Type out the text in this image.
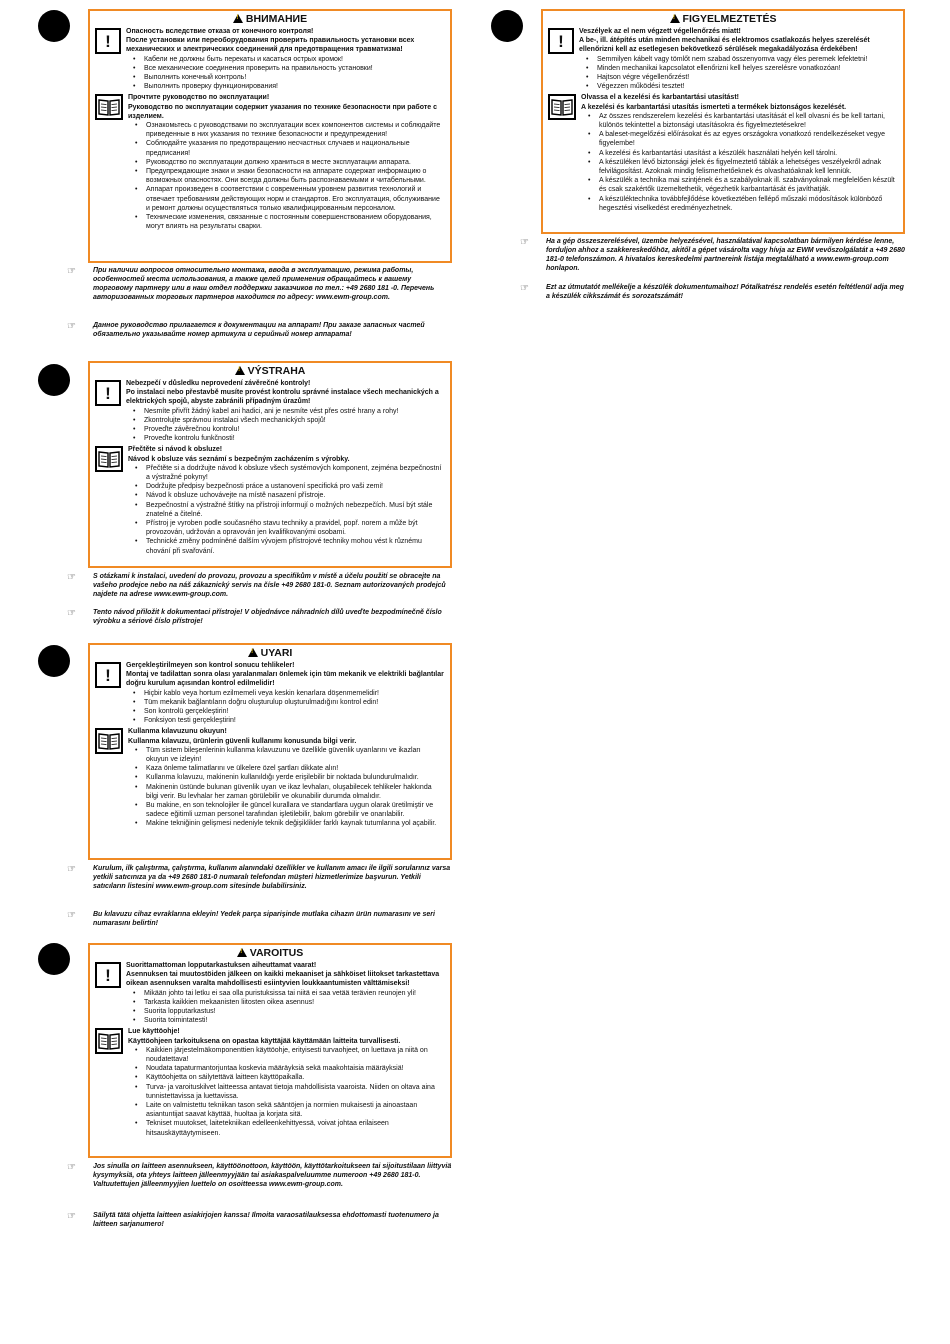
!ВНИМАНИЕ
! Опасность вследствие отказа от конечного контроля!
После установки или переоборудования проверить правильность установки всех механических и электрических соединений для предотвращения травматизма!
• Кабели не должны быть перекаты и касаться острых кромок!
• Все механические соединения проверить на правильность установки!
• Выполнить конечный контроль!
• Выполнить проверку функционирования!
Прочтите руководство по эксплуатации!
Руководство по эксплуатации содержит указания по технике безопасности при работе с изделием.
• Ознакомьтесь с руководствами по эксплуатации всех компонентов системы и соблюдайте приведенные в них указания по технике безопасности и предупреждения!
• Соблюдайте указания по предотвращению несчастных случаев и национальные предписания!
• Руководство по эксплуатации должно храниться в месте эксплуатации аппарата.
• Предупреждающие знаки и знаки безопасности на аппарате содержат информацию о возможных опасностях. Они всегда должны быть распознаваемыми и читабельными.
• Аппарат произведен в соответствии с современным уровнем развития технологий и отвечает требованиям действующих норм и стандартов. Его эксплуатация, обслуживание и ремонт должны осуществляться только квалифицированным персоналом.
• Технические изменения, связанные с постоянным совершенствованием оборудования, могут влиять на результаты сварки.
☞ При наличии вопросов относительно монтажа, ввода в эксплуатацию, режима работы, особенностей места использования, а также целей применения обращайтесь к вашему торговому партнеру или в наш отдел поддержки заказчиков по тел.: +49 2680 181 -0. Перечень авторизованных торговых партнеров находится по адресу: www.ewm-group.com.
☞ Данное руководство прилагается к документации на аппарат! При заказе запасных частей обязательно указывайте номер артикула и серийный номер аппарата!
!VÝSTRAHA
! Nebezpečí v důsledku neprovedení závěrečné kontroly!
Po instalaci nebo přestavbě musíte provést kontrolu správné instalace všech mechanických a elektrických spojů, abyste zabránili případným úrazům!
• Nesmíte přivřít žádný kabel ani hadici, ani je nesmíte vést přes ostré hrany a rohy!
• Zkontrolujte správnou instalaci všech mechanických spojů!
• Proveďte závěrečnou kontrolu!
• Proveďte kontrolu funkčnosti!
Přečtěte si návod k obsluze!
Návod k obsluze vás seznámí s bezpečným zacházením s výrobky.
• Přečtěte si a dodržujte návod k obsluze všech systémových komponent, zejména bezpečnostní a výstražné pokyny!
• Dodržujte předpisy bezpečnosti práce a ustanovení specifická pro vaši zemi!
• Návod k obsluze uchovávejte na místě nasazení přístroje.
• Bezpečnostní a výstražné štítky na přístroji informují o možných nebezpečích. Musí být stále znatelné a čitelné.
• Přístroj je vyroben podle současného stavu techniky a pravidel, popř. norem a může být provozován, udržován a opravován jen kvalifikovanými osobami.
• Technické změny podmíněné dalším vývojem přístrojové techniky mohou vést k různému chování při svařování.
☞ S otázkami k instalaci, uvedení do provozu, provozu a specifikům v místě a účelu použití se obracejte na vašeho prodejce nebo na náš zákaznický servis na čísle +49 2680 181-0. Seznam autorizovaných prodejců najdete na adrese www.ewm-group.com.
☞ Tento návod přiložit k dokumentaci přístroje! V objednávce náhradních dílů uveďte bezpodmínečně číslo výrobku a sériové číslo přístroje!
!UYARI
! Gerçekleştirilmeyen son kontrol sonucu tehlikeler!
Montaj ve tadilattan sonra olası yaralanmaları önlemek için tüm mekanik ve elektrikli bağlantılar doğru kurulum açısından kontrol edilmelidir!
• Hiçbir kablo veya hortum ezilmemeli veya keskin kenarlara döşenmemelidir!
• Tüm mekanik bağlantıların doğru oluşturulup oluşturulmadığını kontrol edin!
• Son kontrolü gerçekleştirin!
• Fonksiyon testi gerçekleştirin!
Kullanma kılavuzunu okuyun!
Kullanma kılavuzu, ürünlerin güvenli kullanımı konusunda bilgi verir.
• Tüm sistem bileşenlerinin kullanma kılavuzunu ve özellikle güvenlik uyarılarını ve ikazları okuyun ve izleyin!
• Kaza önleme talimatlarını ve ülkelere özel şartları dikkate alın!
• Kullanma kılavuzu, makinenin kullanıldığı yerde erişilebilir bir noktada bulundurulmalıdır.
• Makinenin üstünde bulunan güvenlik uyarı ve ikaz levhaları, oluşabilecek tehlikeler hakkında bilgi verir. Bu levhalar her zaman görülebilir ve okunabilir durumda olmalıdır.
• Bu makine, en son teknolojiler ile güncel kurallara ve standartlara uygun olarak üretilmiştir ve sadece eğitimli uzman personel tarafından işletilebilir, bakım görebilir ve onarılabilir.
• Makine tekniğinin gelişmesi nedeniyle teknik değişiklikler farklı kaynak tutumlarına yol açabilir.
☞ Kurulum, ilk çalıştırma, çalıştırma, kullanım alanındaki özellikler ve kullanım amacı ile ilgili sorularınız varsa yetkili satıcınıza ya da +49 2680 181-0 numaralı telefondan müşteri hizmetlerimize başvurun. Yetkili satıcıların listesini www.ewm-group.com sitesinde bulabilirsiniz.
☞ Bu kılavuzu cihaz evraklarına ekleyin! Yedek parça siparişinde mutlaka cihazın ürün numarasını ve seri numarasını belirtin!
!VAROITUS
! Suorittamattoman lopputarkastuksen aiheuttamat vaarat!
Asennuksen tai muutostöiden jälkeen on kaikki mekaaniset ja sähköiset liitokset tarkastettava oikean asennuksen varalta mahdollisesti esiintyvien loukkaantumisten välttämiseksi!
• Mikään johto tai letku ei saa olla puristuksissa tai niitä ei saa vetää terävien reunojen yli!
• Tarkasta kaikkien mekaanisten liitosten oikea asennus!
• Suorita lopputarkastus!
• Suorita toimintatesti!
Lue käyttöohje!
Käyttöohjeen tarkoituksena on opastaa käyttäjää käyttämään laitteita turvallisesti.
• Kaikkien järjestelmäkomponenttien käyttöohje, erityisesti turvaohjeet, on luettava ja niitä on noudatettava!
• Noudata tapaturmantorjuntaa koskevia määräyksiä sekä maakohtaisia määräyksiä!
• Käyttöohjetta on säilytettävä laitteen käyttöpaikalla.
• Turva- ja varoituskilvet laitteessa antavat tietoja mahdollisista vaaroista. Niiden on oltava aina tunnistettavissa ja luettavissa.
• Laite on valmistettu tekniikan tason sekä sääntöjen ja normien mukaisesti ja ainoastaan asiantuntijat saavat käyttää, huoltaa ja korjata sitä.
• Tekniset muutokset, laitetekniikan edelleenkehittyessä, voivat johtaa erilaiseen hitsauskäyttäytymiseen.
☞ Jos sinulla on laitteen asennukseen, käyttöönottoon, käyttöön, käyttötarkoitukseen tai sijoitustilaan liittyviä kysymyksiä, ota yhteys laitteen jälleenmyyjään tai asiakaspalveluumme numeroon +49 2680 181-0. Valtuutettujen jälleenmyyjien luettelo on osoitteessa www.ewm-group.com.
☞ Säilytä tätä ohjetta laitteen asiakirjojen kanssa! Ilmoita varaosatilauksessa ehdottomasti tuotenumero ja laitteen sarjanumero!
!FIGYELMEZTETÉS
! Veszélyek az el nem végzett végellenőrzés miatt!
A be-, ill. átépítés után minden mechanikai és elektromos csatlakozás helyes szerelését ellenőrizni kell az esetlegesen bekövetkező sérülések megakadályozása érdekében!
• Semmilyen kábelt vagy tömlőt nem szabad összenyomva vagy éles peremek lefektetni!
• Minden mechanikai kapcsolatot ellenőrizni kell helyes szerelésre vonatkozóan!
• Hajtson végre végellenőrzést!
• Végezzen működési tesztet!
Olvassa el a kezelési és karbantartási utasítást!
A kezelési és karbantartási utasítás ismerteti a termékek biztonságos kezelését.
• Az összes rendszerelem kezelési és karbantartási utasítását el kell olvasni és be kell tartani, különös tekintettel a biztonsági utasításokra és figyelmeztetésekre!
• A baleset-megelőzési előírásokat és az egyes országokra vonatkozó rendelkezéseket vegye figyelembe!
• A kezelési és karbantartási utasítást a készülék használati helyén kell tárolni.
• A készüléken lévő biztonsági jelek és figyelmeztető táblák a lehetséges veszélyekről adnak felvilágosítást. Azoknak mindig felismerhetőeknek és olvashatóaknak kell lenniük.
• A készülék a technika mai szintjének és a szabályoknak ill. szabványoknak megfelelően készült és csak szakértők üzemeltethetik, végezhetik karbantartását és javíthatják.
• A készüléktechnika továbbfejlődése következtében fellépő műszaki módosítások különböző hegesztési viselkedést eredményezhetnek.
☞ Ha a gép összeszerelésével, üzembe helyezésével, használatával kapcsolatban bármilyen kérdése lenne, forduljon ahhoz a szakkereskedőhöz, akitől a gépet vásárolta vagy hívja az EWM vevőszolgálatát a +49 2680 181-0 telefonszámon. A hivatalos kereskedelmi partnereink listája megtalálható a www.ewm-group.com honlapon.
☞ Ezt az útmutatót mellékelje a készülék dokumentumaihoz! Pótalkatrész rendelés esetén feltétlenül adja meg a készülék cikkszámát és sorozatszámát!
